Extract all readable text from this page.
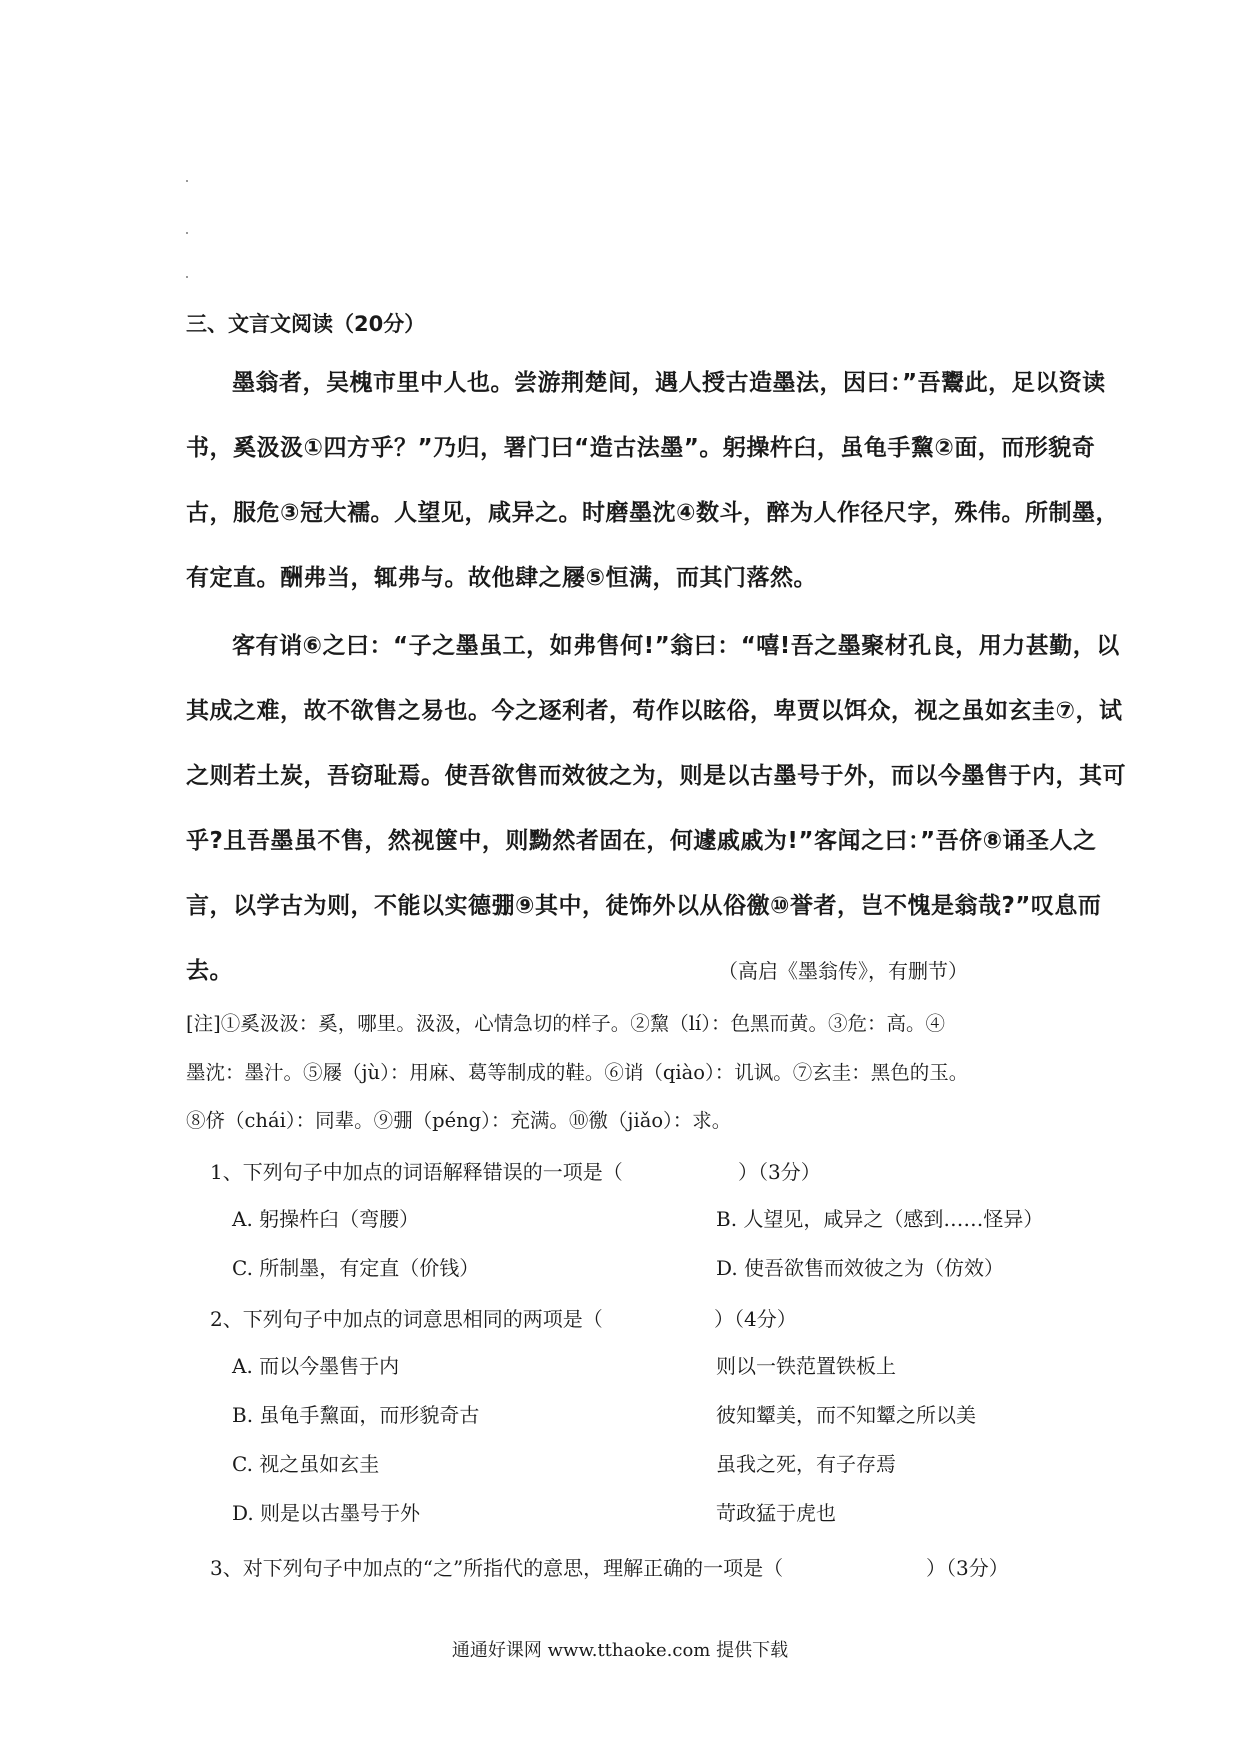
三、文言文阅读（20分）
墨翁者，吴槐市里中人也。尝游荆楚间，遇人授古造墨法，因曰：”吾鬻此，足以资读
书，奚汲汲①四方乎？”乃归，署门曰“造古法墨”。躬操杵臼，虽龟手黧②面，而形貌奇
古，服危③冠大襦。人望见，咸异之。时磨墨沈④数斗，醉为人作径尺字，殊伟。所制墨，
有定直。酬弗当，辄弗与。故他肆之屦⑤恒满，而其门落然。
客有诮⑥之曰：“子之墨虽工，如弗售何!”翁曰：“嘻!吾之墨聚材孔良，用力甚勤，以
其成之难，故不欲售之易也。今之逐利者，苟作以眩俗，卑贾以饵众，视之虽如玄圭⑦，试
之则若土炭，吾窃耻焉。使吾欲售而效彼之为，则是以古墨号于外，而以今墨售于内，其可
乎?且吾墨虽不售，然视箧中，则黝然者固在，何遽戚戚为!”客闻之曰：”吾侪⑧诵圣人之
言，以学古为则，不能以实德弸⑨其中，徒饰外以从俗徼⑩誉者，岂不愧是翁哉?”叹息而
去。	（高启《墨翁传》，有删节）
[注]①奚汲汲：奚，哪里。汲汲，心情急切的样子。②黧（lí）：色黑而黄。③危：高。④
墨沈：墨汁。⑤屦（jù）：用麻、葛等制成的鞋。⑥诮（qiào）：讥讽。⑦玄圭：黑色的玉。
⑧侪（chái）：同辈。⑨弸（péng）：充满。⑩徼（jiǎo）：求。
1、下列句子中加点的词语解释错误的一项是（	）（3分）
A. 躬操杵臼（弯腰）	B. 人望见，咸异之（感到……怪异）
C. 所制墨，有定直（价钱）	D. 使吾欲售而效彼之为（仿效）
2、下列句子中加点的词意思相同的两项是（	）（4分）
A. 而以今墨售于内	则以一铁范置铁板上
B. 虽龟手黧面，而形貌奇古	彼知颦美，而不知颦之所以美
C. 视之虽如玄圭	虽我之死，有子存焉
D. 则是以古墨号于外	苛政猛于虎也
3、对下列句子中加点的“之”所指代的意思，理解正确的一项是（	）（3分）
通通好课网 www.tthaoke.com 提供下载
